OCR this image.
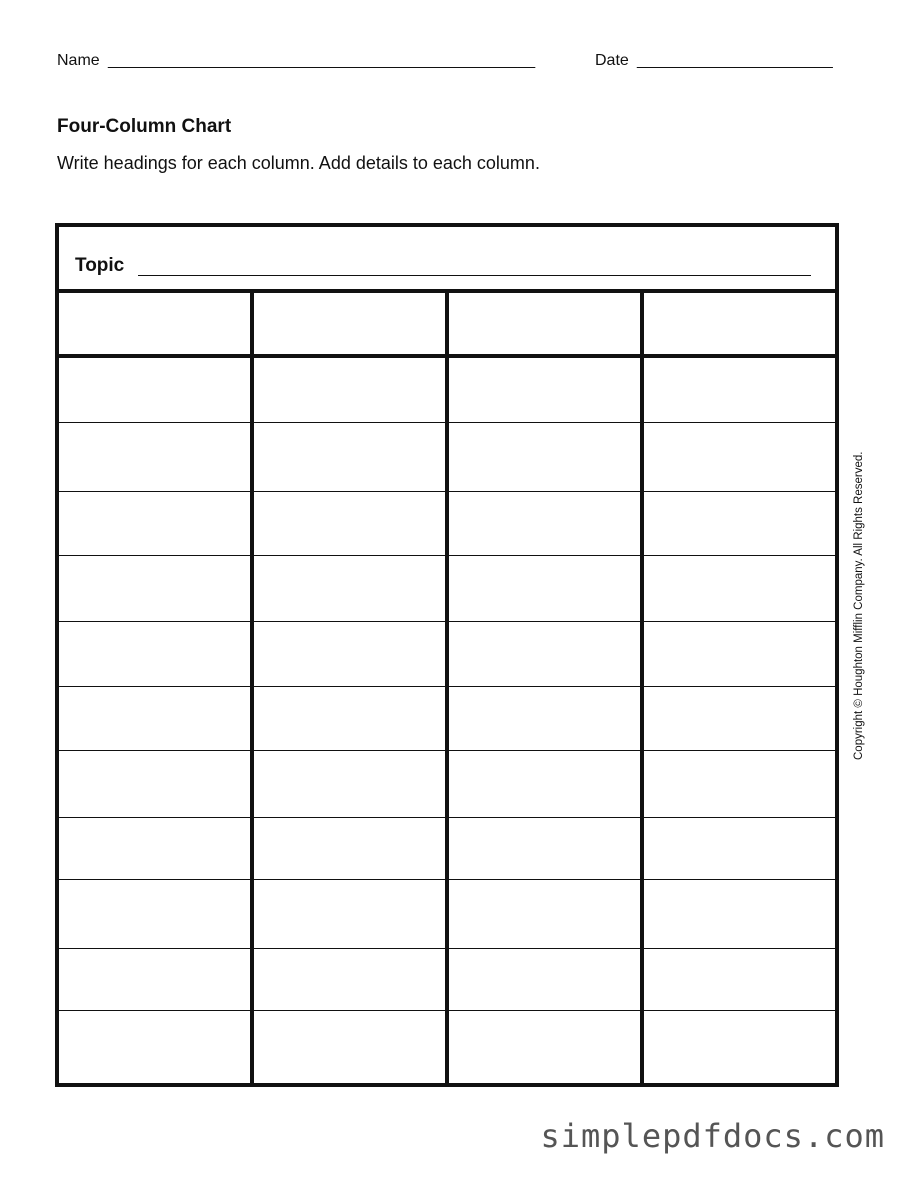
Name ________________________________________________	Date ______________________
Four-Column Chart
Write headings for each column. Add details to each column.
Topic
Copyright © Houghton Mifflin Company. All Rights Reserved.
simplepdfdocs.com
